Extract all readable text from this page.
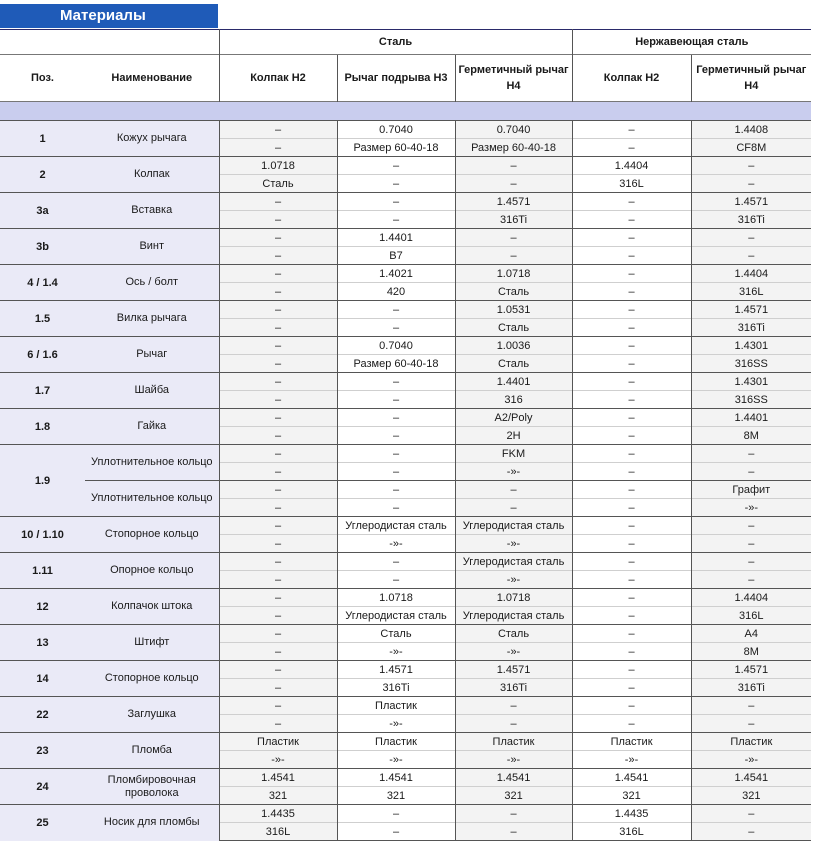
Материалы
		Сталь			Нержавеющая сталь	
Поз.	Наименование	Колпак H2	Рычаг подрыва H3	Герметичный рычаг H4	Колпак H2	Герметичный рычаг H4

1	Кожух рычага	–	0.7040	0.7040	–	1.4408
		–	Размер 60-40-18	Размер 60-40-18	–	CF8M
2	Колпак	1.0718	–	–	1.4404	–
		Сталь	–	–	316L	–
3a	Вставка	–	–	1.4571	–	1.4571
		–	–	316Ti	–	316Ti
3b	Винт	–	1.4401	–	–	–
		–	B7	–	–	–
4 / 1.4	Ось / болт	–	1.4021	1.0718	–	1.4404
		–	420	Сталь	–	316L
1.5	Вилка рычага	–	–	1.0531	–	1.4571
		–	–	Сталь	–	316Ti
6 / 1.6	Рычаг	–	0.7040	1.0036	–	1.4301
		–	Размер 60-40-18	Сталь	–	316SS
1.7	Шайба	–	–	1.4401	–	1.4301
		–	–	316	–	316SS
1.8	Гайка	–	–	A2/Poly	–	1.4401
		–	–	2H	–	8M
1.9	Уплотнительное кольцо	–	–	FKM	–	–
		–	–	-»-	–	–
	Уплотнительное кольцо	–	–	–	–	Графит
		–	–	–	–	-»-
10 / 1.10	Стопорное кольцо	–	Углеродистая сталь	Углеродистая сталь	–	–
		–	-»-	-»-	–	–
1.11	Опорное кольцо	–	–	Углеродистая сталь	–	–
		–	–	-»-	–	–
12	Колпачок штока	–	1.0718	1.0718	–	1.4404
		–	Углеродистая сталь	Углеродистая сталь	–	316L
13	Штифт	–	Сталь	Сталь	–	A4
		–	-»-	-»-	–	8M
14	Стопорное кольцо	–	1.4571	1.4571	–	1.4571
		–	316Ti	316Ti	–	316Ti
22	Заглушка	–	Пластик	–	–	–
		–	-»-	–	–	–
23	Пломба	Пластик	Пластик	Пластик	Пластик	Пластик
		-»-	-»-	-»-	-»-	-»-
24	Пломбировочная проволока	1.4541	1.4541	1.4541	1.4541	1.4541
		321	321	321	321	321
25	Носик для пломбы	1.4435	–	–	1.4435	–
		316L	–	–	316L	–
